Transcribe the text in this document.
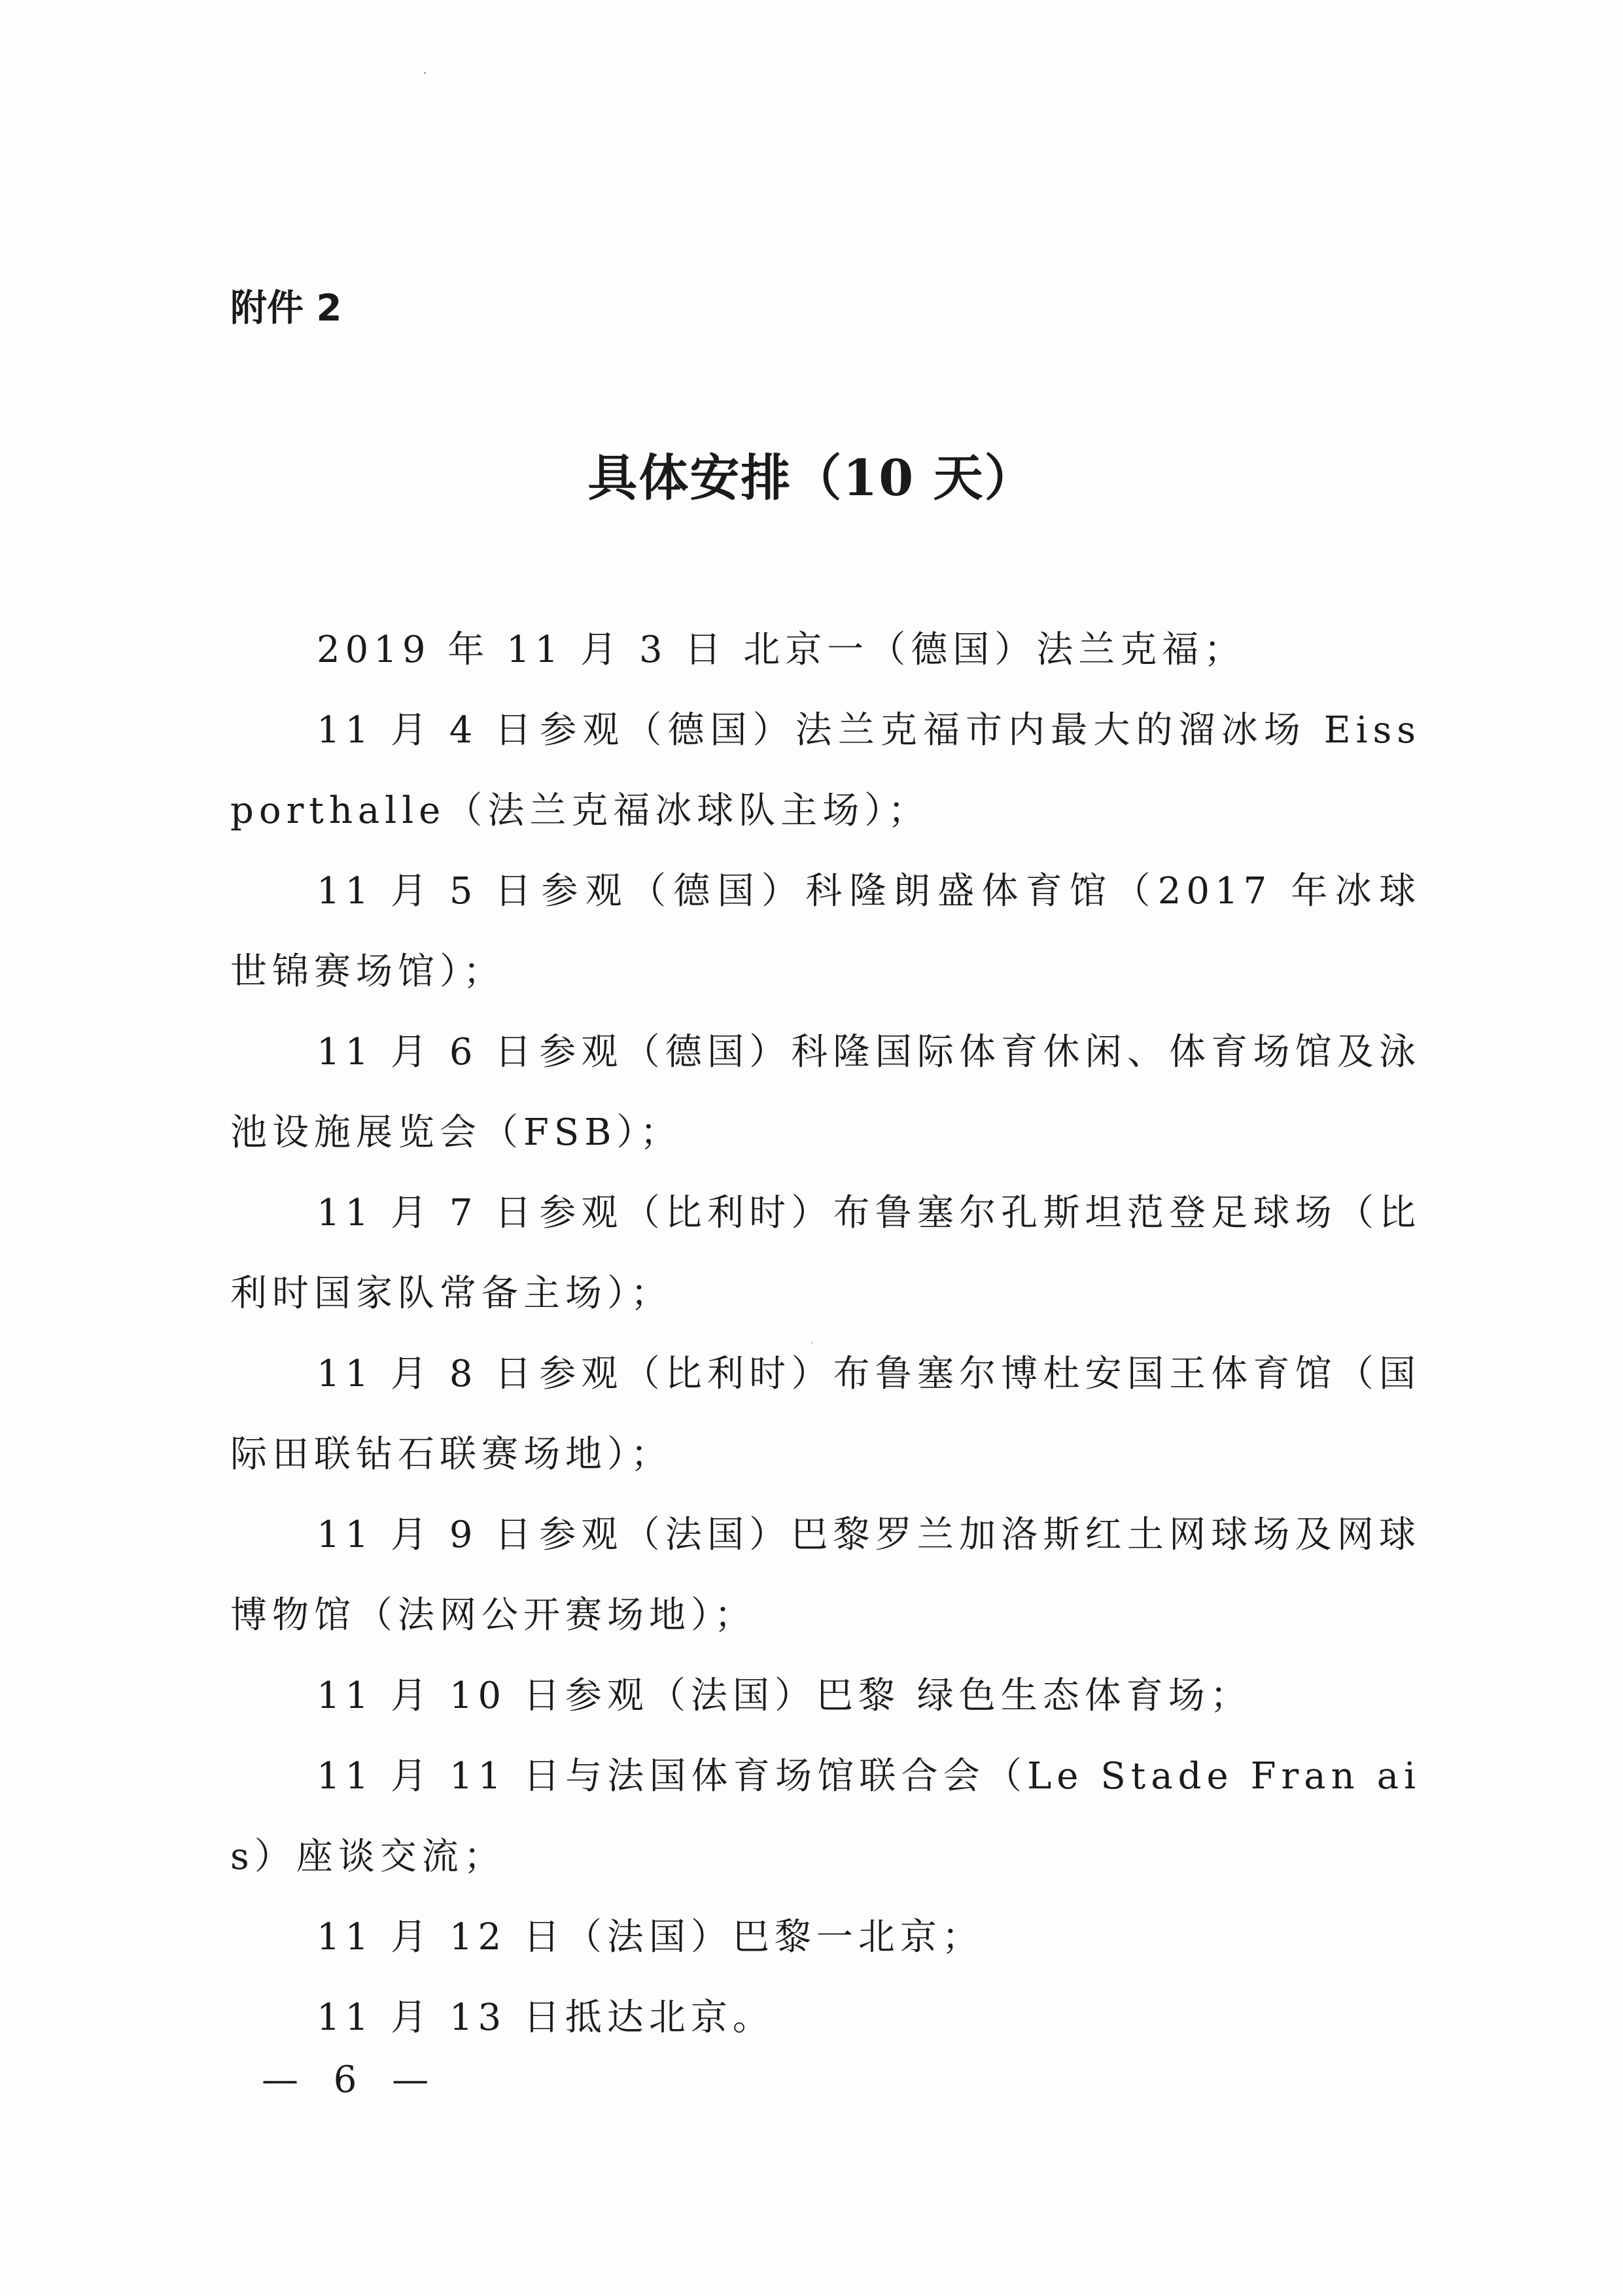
附件 2
具体安排（10 天）

2019 年 11 月 3 日 北京一（德国）法兰克福；

11 月 4 日参观（德国）法兰克福市内最大的溜冰场 Eissporthalle（法兰克福冰球队主场）；

11 月 5 日参观（德国）科隆朗盛体育馆（2017 年冰球世锦赛场馆）；

11 月 6 日参观（德国）科隆国际体育休闲、体育场馆及泳池设施展览会（FSB）；

11 月 7 日参观（比利时）布鲁塞尔孔斯坦范登足球场（比利时国家队常备主场）；

11 月 8 日参观（比利时）布鲁塞尔博杜安国王体育馆（国际田联钻石联赛场地）；

11 月 9 日参观（法国）巴黎罗兰加洛斯红土网球场及网球博物馆（法网公开赛场地）；

11 月 10 日参观（法国）巴黎 绿色生态体育场；

11 月 11 日与法国体育场馆联合会（Le Stade Fran ais）座谈交流；

11 月 12 日（法国）巴黎一北京；

11 月 13 日抵达北京。

— 6 —
